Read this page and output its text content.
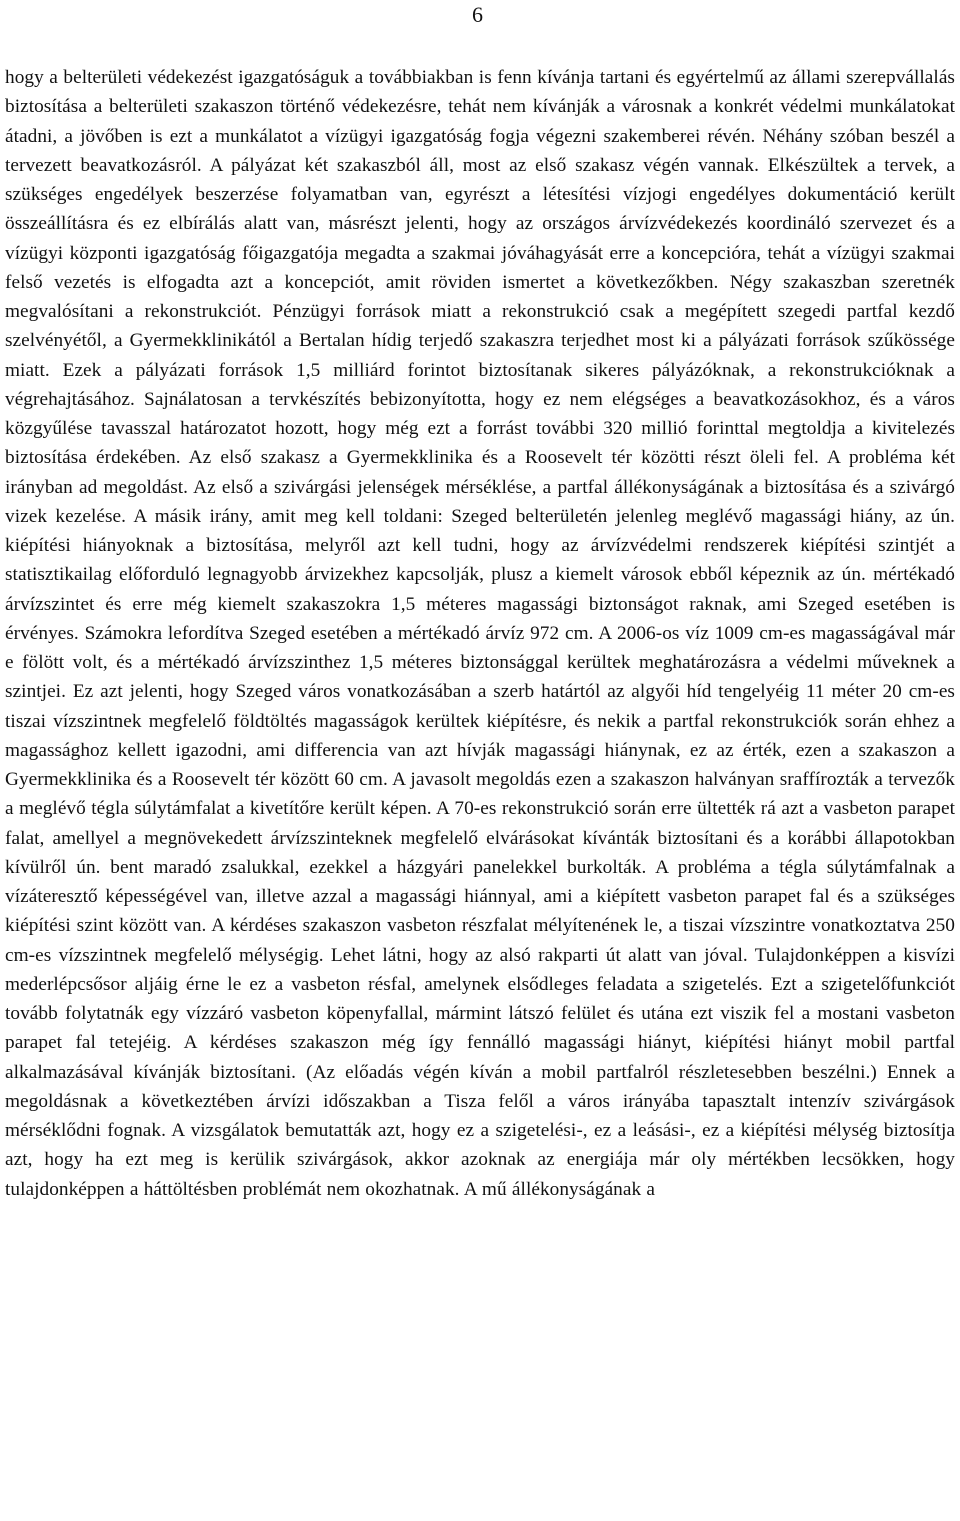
6

hogy a belterületi védekezést igazgatóságuk a továbbiakban is fenn kívánja tartani és egyértelmű az állami szerepvállalás biztosítása a belterületi szakaszon történő védekezésre, tehát nem kívánják a városnak a konkrét védelmi munkálatokat átadni, a jövőben is ezt a munkálatot a vízügyi igazgatóság fogja végezni szakemberei révén. Néhány szóban beszél a tervezett beavatkozásról. A pályázat két szakaszból áll, most az első szakasz végén vannak. Elkészültek a tervek, a szükséges engedélyek beszerzése folyamatban van, egyrészt a létesítési vízjogi engedélyes dokumentáció került összeállításra és ez elbírálás alatt van, másrészt jelenti, hogy az országos árvízvédekezés koordináló szervezet és a vízügyi központi igazgatóság főigazgatója megadta a szakmai jóváhagyását erre a koncepcióra, tehát a vízügyi szakmai felső vezetés is elfogadta azt a koncepciót, amit röviden ismertet a következőkben. Négy szakaszban szeretnék megvalósítani a rekonstrukciót. Pénzügyi források miatt a rekonstrukció csak a megépített szegedi partfal kezdő szelvényétől, a Gyermekklinikától a Bertalan hídig terjedő szakaszra terjedhet most ki a pályázati források szűkössége miatt. Ezek a pályázati források 1,5 milliárd forintot biztosítanak sikeres pályázóknak, a rekonstrukcióknak a végrehajtásához. Sajnálatosan a tervkészítés bebizonyította, hogy ez nem elégséges a beavatkozásokhoz, és a város közgyűlése tavasszal határozatot hozott, hogy még ezt a forrást további 320 millió forinttal megtoldja a kivitelezés biztosítása érdekében. Az első szakasz a Gyermekklinika és a Roosevelt tér közötti részt öleli fel. A probléma két irányban ad megoldást. Az első a szivárgási jelenségek mérséklése, a partfal állékonyságának a biztosítása és a szivárgó vizek kezelése. A másik irány, amit meg kell toldani: Szeged belterületén jelenleg meglévő magassági hiány, az ún. kiépítési hiányoknak a biztosítása, melyről azt kell tudni, hogy az árvízvédelmi rendszerek kiépítési szintjét a statisztikailag előforduló legnagyobb árvizekhez kapcsolják, plusz a kiemelt városok ebből képeznik az ún. mértékadó árvízszintet és erre még kiemelt szakaszokra 1,5 méteres magassági biztonságot raknak, ami Szeged esetében is érvényes. Számokra lefordítva Szeged esetében a mértékadó árvíz 972 cm. A 2006-os víz 1009 cm-es magasságával már e fölött volt, és a mértékadó árvízszinthez 1,5 méteres biztonsággal kerültek meghatározásra a védelmi műveknek a szintjei. Ez azt jelenti, hogy Szeged város vonatkozásában a szerb határtól az algyői híd tengelyéig 11 méter 20 cm-es tiszai vízszintnek megfelelő földtöltés magasságok kerültek kiépítésre, és nekik a partfal rekonstrukciók során ehhez a magassághoz kellett igazodni, ami differencia van azt hívják magassági hiánynak, ez az érték, ezen a szakaszon a Gyermekklinika és a Roosevelt tér között 60 cm. A javasolt megoldás ezen a szakaszon halványan sraffírozták a tervezők a meglévő tégla súlytámfalat a kivetítőre került képen. A 70-es rekonstrukció során erre ültették rá azt a vasbeton parapet falat, amellyel a megnövekedett árvízszinteknek megfelelő elvárásokat kívánták biztosítani és a korábbi állapotokban kívülről ún. bent maradó zsalukkal, ezekkel a házgyári panelekkel burkolták. A probléma a tégla súlytámfalnak a vízáteresztő képességével van, illetve azzal a magassági hiánnyal, ami a kiépített vasbeton parapet fal és a szükséges kiépítési szint között van. A kérdéses szakaszon vasbeton részfalat mélyítenének le, a tiszai vízszintre vonatkoztatva 250 cm-es vízszintnek megfelelő mélységig. Lehet látni, hogy az alsó rakparti út alatt van jóval. Tulajdonképpen a kisvízi mederlépcsősor aljáig érne le ez a vasbeton résfal, amelynek elsődleges feladata a szigetelés. Ezt a szigetelőfunkciót tovább folytatnák egy vízzáró vasbeton köpenyfallal, mármint látszó felület és utána ezt viszik fel a mostani vasbeton parapet fal tetejéig. A kérdéses szakaszon még így fennálló magassági hiányt, kiépítési hiányt mobil partfal alkalmazásával kívánják biztosítani. (Az előadás végén kíván a mobil partfalról részletesebben beszélni.) Ennek a megoldásnak a következtében árvízi időszakban a Tisza felől a város irányába tapasztalt intenzív szivárgások mérséklődni fognak. A vizsgálatok bemutatták azt, hogy ez a szigetelési-, ez a leásási-, ez a kiépítési mélység biztosítja azt, hogy ha ezt meg is kerülik szivárgások, akkor azoknak az energiája már oly mértékben lecsökken, hogy tulajdonképpen a háttöltésben problémát nem okozhatnak. A mű állékonyságának a
